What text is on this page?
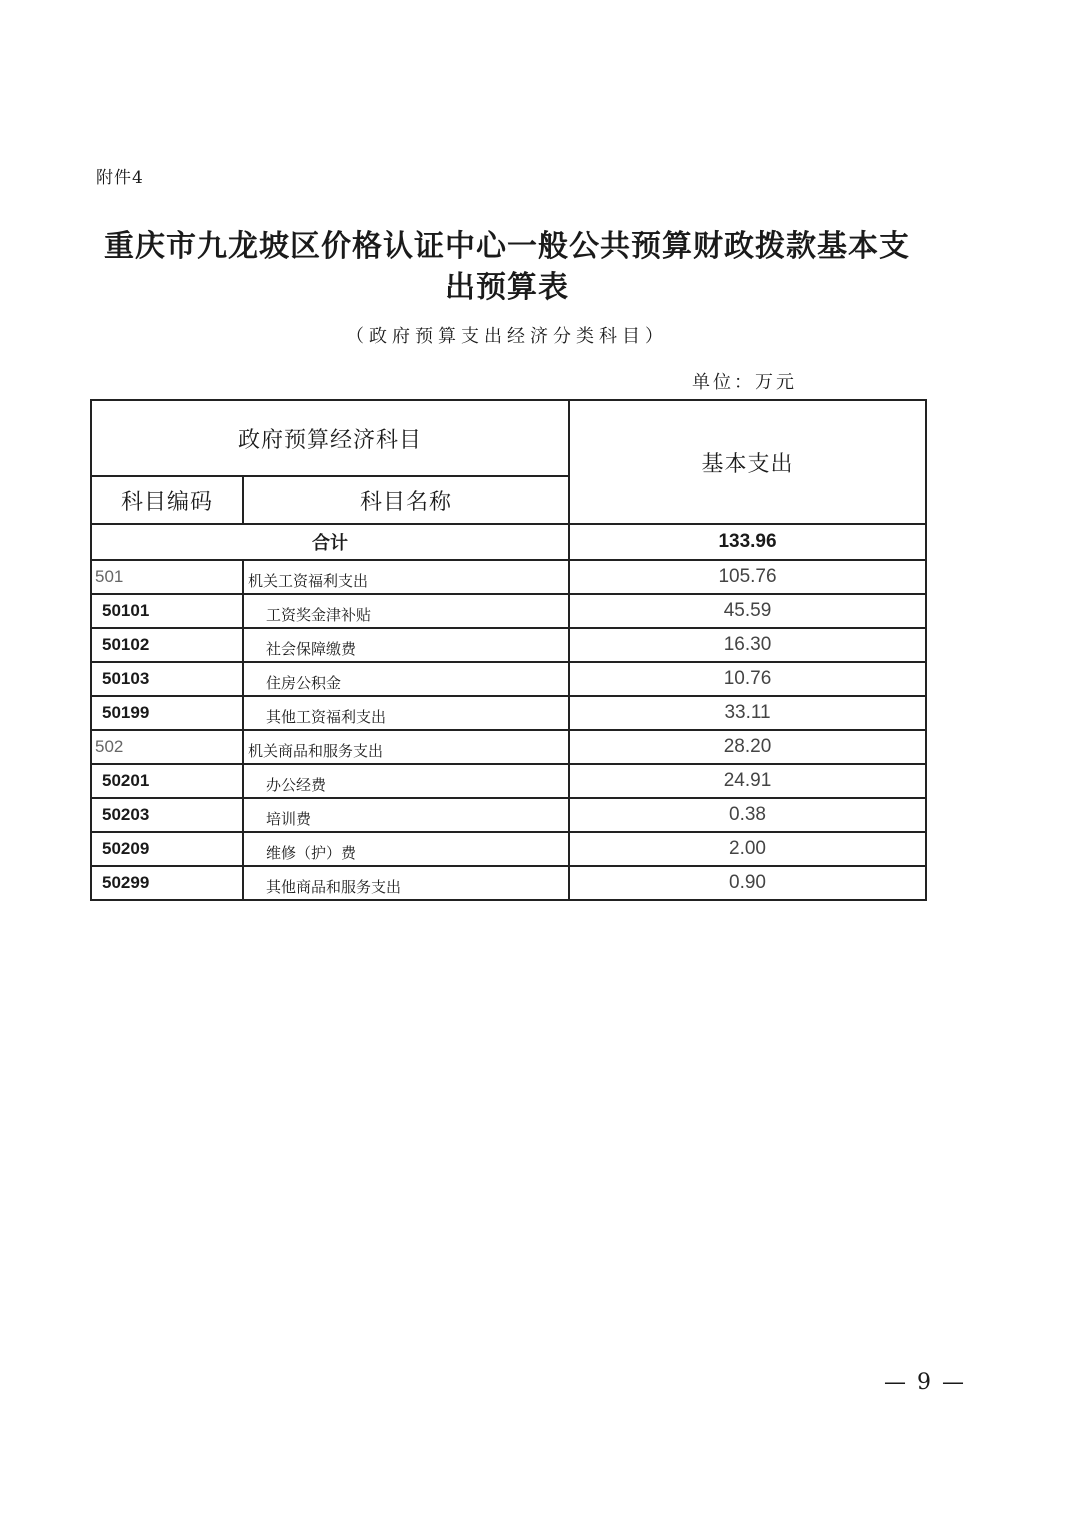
附件4
重庆市九龙坡区价格认证中心一般公共预算财政拨款基本支
出预算表
（政府预算支出经济分类科目）
单位：万元
政府预算经济科目		基本支出
科目编码	科目名称	
合计		133.96
501	机关工资福利支出	105.76
50101	工资奖金津补贴	45.59
50102	社会保障缴费	16.30
50103	住房公积金	10.76
50199	其他工资福利支出	33.11
502	机关商品和服务支出	28.20
50201	办公经费	24.91
50203	培训费	0.38
50209	维修（护）费	2.00
50299	其他商品和服务支出	0.90
— 9 —
